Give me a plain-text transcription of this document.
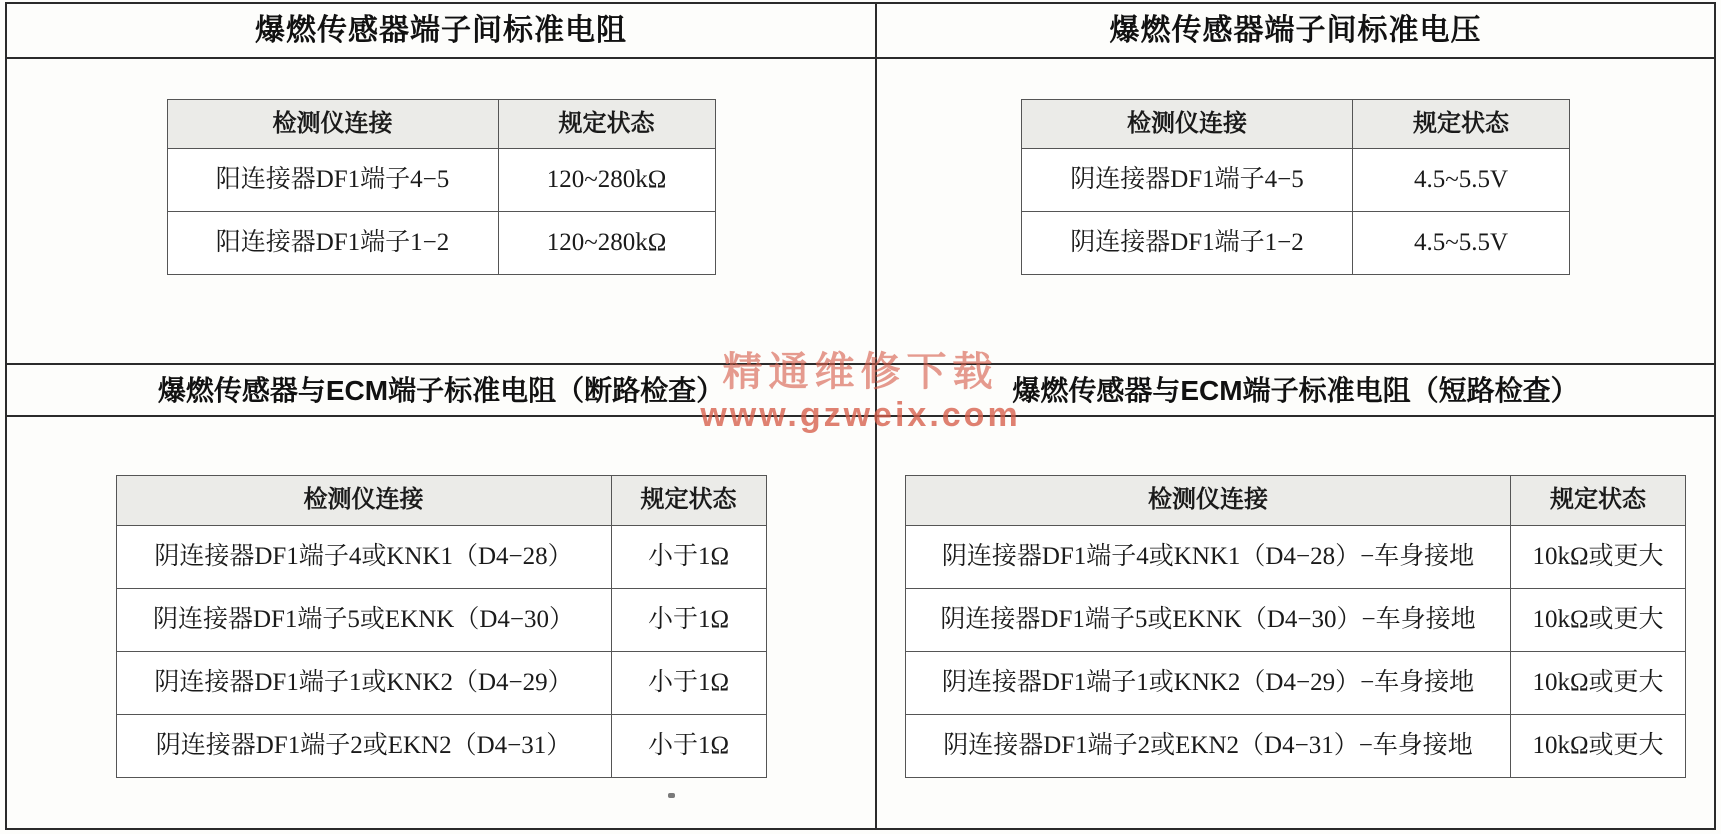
爆燃传感器端子间标准电阻
检测仪连接	规定状态
阳连接器DF1端子4−5	120~280kΩ
阳连接器DF1端子1−2	120~280kΩ
爆燃传感器端子间标准电压
检测仪连接	规定状态
阴连接器DF1端子4−5	4.5~5.5V
阴连接器DF1端子1−2	4.5~5.5V
爆燃传感器与ECM端子标准电阻（断路检查）
检测仪连接	规定状态
阴连接器DF1端子4或KNK1（D4−28）	小于1Ω
阴连接器DF1端子5或EKNK（D4−30）	小于1Ω
阴连接器DF1端子1或KNK2（D4−29）	小于1Ω
阴连接器DF1端子2或EKN2（D4−31）	小于1Ω
爆燃传感器与ECM端子标准电阻（短路检查）
检测仪连接	规定状态
阴连接器DF1端子4或KNK1（D4−28）−车身接地	10kΩ或更大
阴连接器DF1端子5或EKNK（D4−30）−车身接地	10kΩ或更大
阴连接器DF1端子1或KNK2（D4−29）−车身接地	10kΩ或更大
阴连接器DF1端子2或EKN2（D4−31）−车身接地	10kΩ或更大
精通维修下载
www.gzweix.com
